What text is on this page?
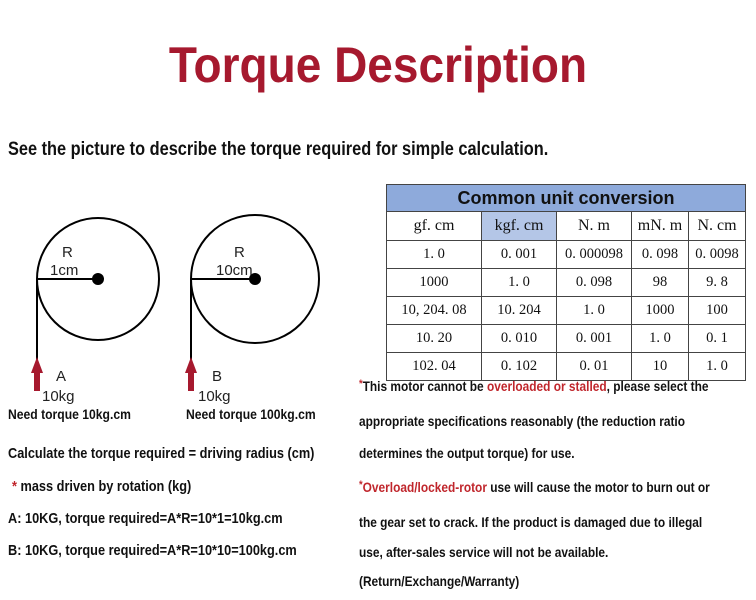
Torque Description
See the picture to describe the torque required for simple calculation.
R
1cm
A
10kg
R
10cm
B
10kg
Need torque 10kg.cm	Need torque 100kg.cm
Calculate the torque required = driving radius (cm)
* mass driven by rotation (kg)
A: 10KG, torque required=A*R=10*1=10kg.cm
B: 10KG, torque required=A*R=10*10=100kg.cm
Common unit conversion				
gf. cm	kgf. cm	N. m	mN. m	N. cm
1. 0	0. 001	0. 000098	0. 098	0. 0098
1000	1. 0	0. 098	98	9. 8
10, 204. 08	10. 204	1. 0	1000	100
10. 20	0. 010	0. 001	1. 0	0. 1
102. 04	0. 102	0. 01	10	1. 0
*This motor cannot be overloaded or stalled, please select the
appropriate specifications reasonably (the reduction ratio
determines the output torque) for use.
*Overload/locked-rotor use will cause the motor to burn out or
the gear set to crack. If the product is damaged due to illegal
use, after-sales service will not be available.
(Return/Exchange/Warranty)
